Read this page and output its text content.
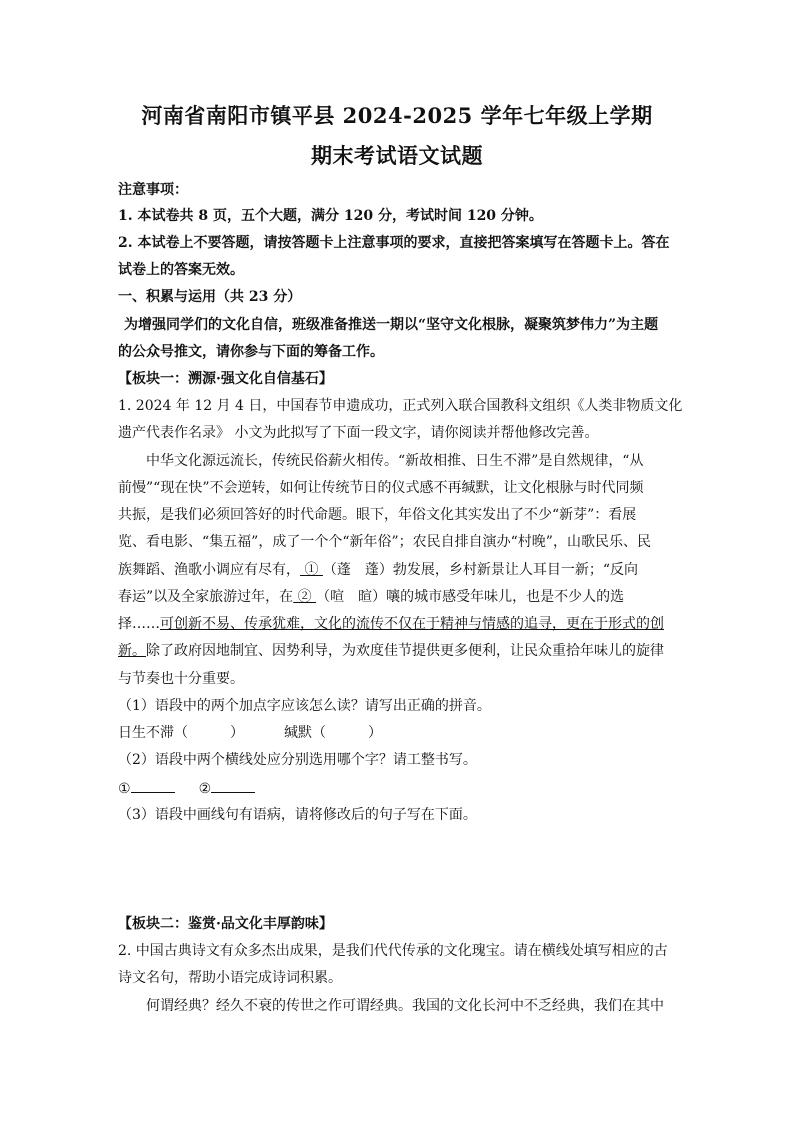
河南省南阳市镇平县 2024-2025 学年七年级上学期
期末考试语文试题
注意事项：
1. 本试卷共 8 页，五个大题，满分 120 分，考试时间 120 分钟。
2. 本试卷上不要答题，请按答题卡上注意事项的要求，直接把答案填写在答题卡上。答在
试卷上的答案无效。
一、积累与运用（共 23 分）
为增强同学们的文化自信，班级准备推送一期以“坚守文化根脉，凝聚筑梦伟力”为主题
的公众号推文，请你参与下面的筹备工作。
【板块一：溯源·强文化自信基石】
1. 2024 年 12 月 4 日，中国春节申遗成功，正式列入联合国教科文组织《人类非物质文化
遗产代表作名录》 小文为此拟写了下面一段文字，请你阅读并帮他修改完善。
中华文化源远流长，传统民俗薪火相传。“新故相推、日生不滞”是自然规律，“从
前慢”“现在快”不会逆转，如何让传统节日的仪式感不再缄默，让文化根脉与时代同频
共振，是我们必须回答好的时代命题。眼下，年俗文化其实发出了不少“新芽”：看展
览、看电影、“集五福”，成了一个个“新年俗”；农民自排自演办“村晚”，山歌民乐、民
族舞蹈、渔歌小调应有尽有， ① （蓬　蓬）勃发展，乡村新景让人耳目一新；“反向
春运”以及全家旅游过年，在 ② （喧　暄）嚷的城市感受年味儿，也是不少人的选
择……可创新不易、传承犹难，文化的流传不仅在于精神与情感的追寻，更在于形式的创
新。除了政府因地制宜、因势利导，为欢度佳节提供更多便利，让民众重拾年味儿的旋律
与节奏也十分重要。
（1）语段中的两个加点字应该怎么读？请写出正确的拼音。
日生不滞（　　　）	缄默（　　　）
（2）语段中两个横线处应分别选用哪个字？请工整书写。
①	②
（3）语段中画线句有语病，请将修改后的句子写在下面。
【板块二：鉴赏·品文化丰厚韵味】
2. 中国古典诗文有众多杰出成果，是我们代代传承的文化瑰宝。请在横线处填写相应的古
诗文名句，帮助小语完成诗词积累。
何谓经典？经久不衰的传世之作可谓经典。我国的文化长河中不乏经典，我们在其中
